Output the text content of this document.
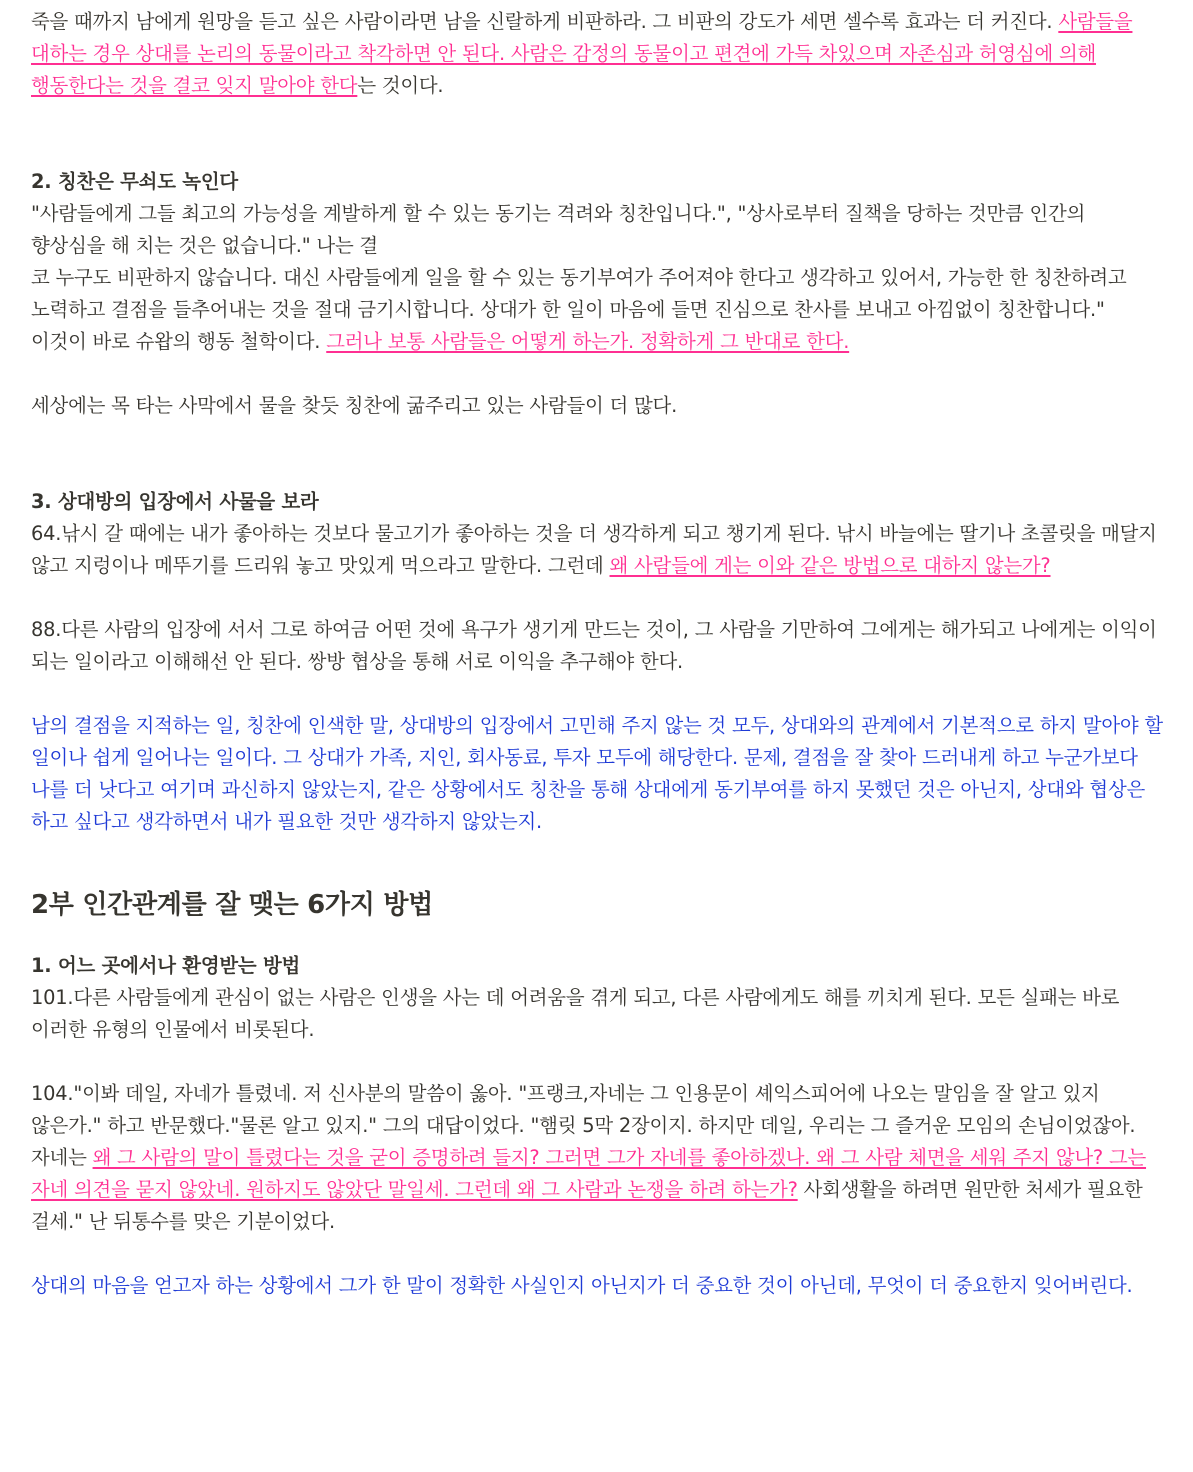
죽을 때까지 남에게 원망을 듣고 싶은 사람이라면 남을 신랄하게 비판하라. 그 비판의 강도가 세면 셀수록 효과는 더 커진다. 사람들을 대하는 경우 상대를 논리의 동물이라고 착각하면 안 된다. 사람은 감정의 동물이고 편견에 가득 차있으며 자존심과 허영심에 의해 행동한다는 것을 결코 잊지 말아야 한다는 것이다.

2. 칭찬은 무쇠도 녹인다

"사람들에게 그들 최고의 가능성을 계발하게 할 수 있는 동기는 격려와 칭찬입니다.", "상사로부터 질책을 당하는 것만큼 인간의 향상심을 해 치는 것은 없습니다." 나는 결

코 누구도 비판하지 않습니다. 대신 사람들에게 일을 할 수 있는 동기부여가 주어져야 한다고 생각하고 있어서, 가능한 한 칭찬하려고 노력하고 결점을 들추어내는 것을 절대 금기시합니다. 상대가 한 일이 마음에 들면 진심으로 찬사를 보내고 아낌없이 칭찬합니다." 이것이 바로 슈왑의 행동 철학이다. 그러나 보통 사람들은 어떻게 하는가. 정확하게 그 반대로 한다.

세상에는 목 타는 사막에서 물을 찾듯 칭찬에 굶주리고 있는 사람들이 더 많다.

3. 상대방의 입장에서 사물을 보라

64.낚시 갈 때에는 내가 좋아하는 것보다 물고기가 좋아하는 것을 더 생각하게 되고 챙기게 된다. 낚시 바늘에는 딸기나 초콜릿을 매달지 않고 지렁이나 메뚜기를 드리워 놓고 맛있게 먹으라고 말한다. 그런데 왜 사람들에 게는 이와 같은 방법으로 대하지 않는가?

88.다른 사람의 입장에 서서 그로 하여금 어떤 것에 욕구가 생기게 만드는 것이, 그 사람을 기만하여 그에게는 해가되고 나에게는 이익이 되는 일이라고 이해해선 안 된다. 쌍방 협상을 통해 서로 이익을 추구해야 한다.

남의 결점을 지적하는 일, 칭찬에 인색한 말, 상대방의 입장에서 고민해 주지 않는 것 모두, 상대와의 관계에서 기본적으로 하지 말아야 할 일이나 쉽게 일어나는 일이다. 그 상대가 가족, 지인, 회사동료, 투자 모두에 해당한다. 문제, 결점을 잘 찾아 드러내게 하고 누군가보다 나를 더 낫다고 여기며 과신하지 않았는지, 같은 상황에서도 칭찬을 통해 상대에게 동기부여를 하지 못했던 것은 아닌지, 상대와 협상은 하고 싶다고 생각하면서 내가 필요한 것만 생각하지 않았는지.

2부 인간관계를 잘 맺는 6가지 방법
1. 어느 곳에서나 환영받는 방법

101.다른 사람들에게 관심이 없는 사람은 인생을 사는 데 어려움을 겪게 되고, 다른 사람에게도 해를 끼치게 된다. 모든 실패는 바로 이러한 유형의 인물에서 비롯된다.

104."이봐 데일, 자네가 틀렸네. 저 신사분의 말씀이 옳아. "프랭크,자네는 그 인용문이 셰익스피어에 나오는 말임을 잘 알고 있지 않은가." 하고 반문했다."물론 알고 있지." 그의 대답이었다. "햄릿 5막 2장이지. 하지만 데일, 우리는 그 즐거운 모임의 손님이었잖아. 자네는 왜 그 사람의 말이 틀렸다는 것을 굳이 증명하려 들지? 그러면 그가 자네를 좋아하겠나. 왜 그 사람 체면을 세워 주지 않나? 그는 자네 의견을 묻지 않았네. 원하지도 않았단 말일세. 그런데 왜 그 사람과 논쟁을 하려 하는가? 사회생활을 하려면 원만한 처세가 필요한 걸세." 난 뒤통수를 맞은 기분이었다.

상대의 마음을 얻고자 하는 상황에서 그가 한 말이 정확한 사실인지 아닌지가 더 중요한 것이 아닌데, 무엇이 더 중요한지 잊어버린다.
